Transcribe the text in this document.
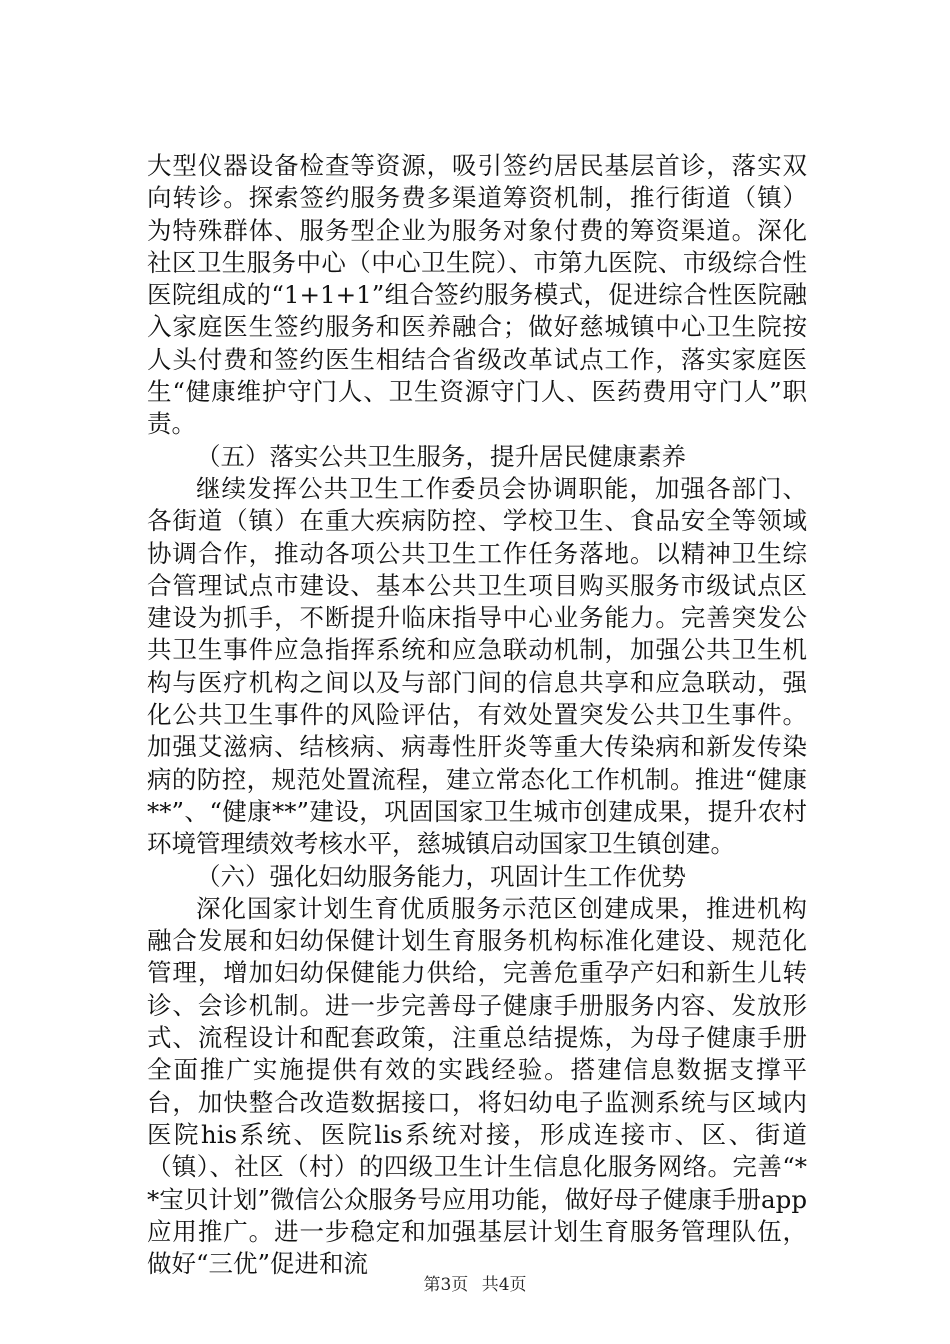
大型仪器设备检查等资源，吸引签约居民基层首诊，落实双向转诊。探索签约服务费多渠道筹资机制，推行街道（镇）为特殊群体、服务型企业为服务对象付费的筹资渠道。深化社区卫生服务中心（中心卫生院）、市第九医院、市级综合性医院组成的“1+1+1”组合签约服务模式，促进综合性医院融入家庭医生签约服务和医养融合；做好慈城镇中心卫生院按人头付费和签约医生相结合省级改革试点工作，落实家庭医生“健康维护守门人、卫生资源守门人、医药费用守门人”职责。

（五）落实公共卫生服务，提升居民健康素养

继续发挥公共卫生工作委员会协调职能，加强各部门、各街道（镇）在重大疾病防控、学校卫生、食品安全等领域协调合作，推动各项公共卫生工作任务落地。以精神卫生综合管理试点市建设、基本公共卫生项目购买服务市级试点区建设为抓手，不断提升临床指导中心业务能力。完善突发公共卫生事件应急指挥系统和应急联动机制，加强公共卫生机构与医疗机构之间以及与部门间的信息共享和应急联动，强化公共卫生事件的风险评估，有效处置突发公共卫生事件。加强艾滋病、结核病、病毒性肝炎等重大传染病和新发传染病的防控，规范处置流程，建立常态化工作机制。推进“健康**”、“健康**”建设，巩固国家卫生城市创建成果，提升农村环境管理绩效考核水平，慈城镇启动国家卫生镇创建。

（六）强化妇幼服务能力，巩固计生工作优势

深化国家计划生育优质服务示范区创建成果，推进机构融合发展和妇幼保健计划生育服务机构标准化建设、规范化管理，增加妇幼保健能力供给，完善危重孕产妇和新生儿转诊、会诊机制。进一步完善母子健康手册服务内容、发放形式、流程设计和配套政策，注重总结提炼，为母子健康手册全面推广实施提供有效的实践经验。搭建信息数据支撑平台，加快整合改造数据接口，将妇幼电子监测系统与区域内医院his系统、医院lis系统对接，形成连接市、区、街道（镇）、社区（村）的四级卫生计生信息化服务网络。完善“**宝贝计划”微信公众服务号应用功能，做好母子健康手册app应用推广。进一步稳定和加强基层计划生育服务管理队伍，做好“三优”促进和流

第3页 共4页
